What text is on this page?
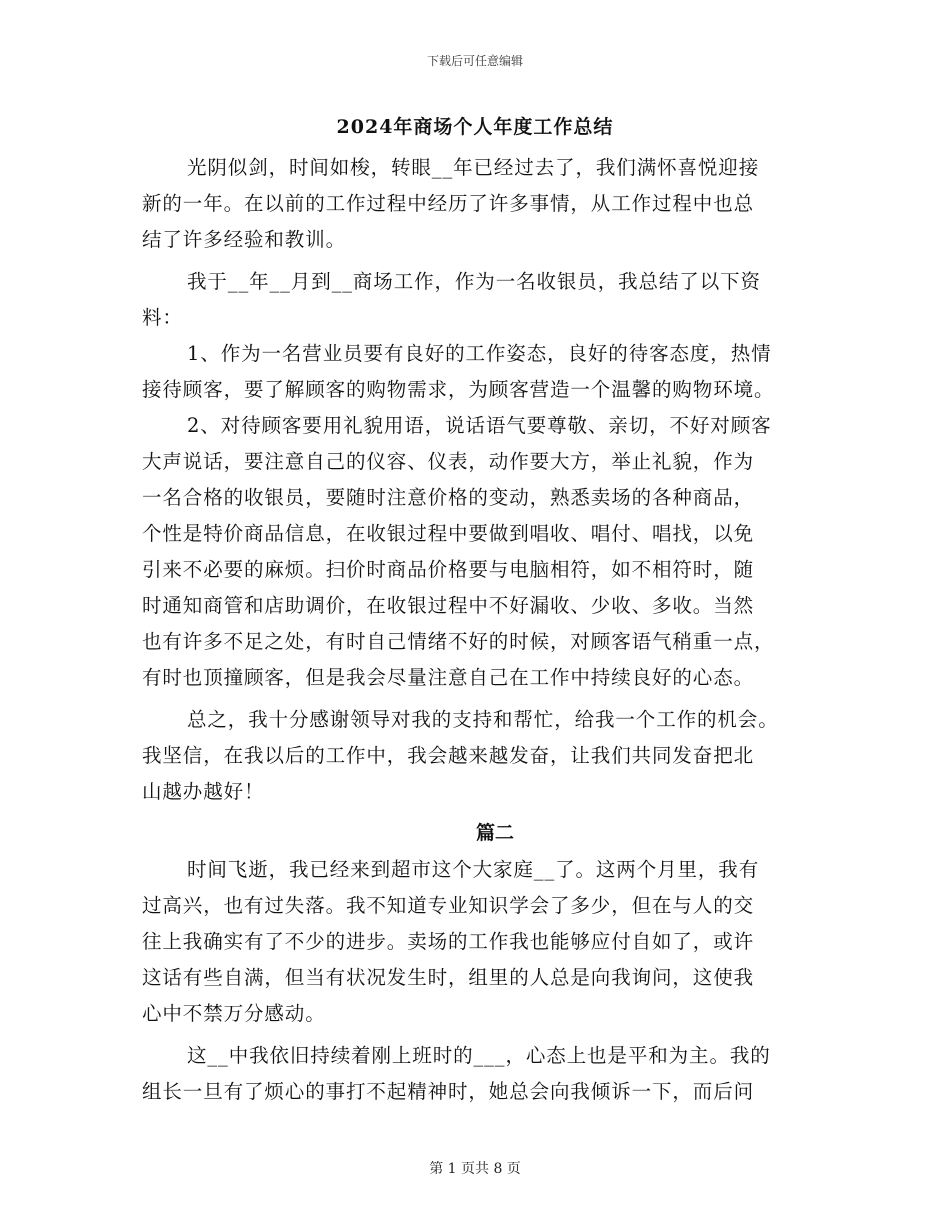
下载后可任意编辑
2024年商场个人年度工作总结
光阴似剑，时间如梭，转眼__年已经过去了，我们满怀喜悦迎接
新的一年。在以前的工作过程中经历了许多事情，从工作过程中也总
结了许多经验和教训。
我于__年__月到__商场工作，作为一名收银员，我总结了以下资
料：
1、作为一名营业员要有良好的工作姿态，良好的待客态度，热情
接待顾客，要了解顾客的购物需求，为顾客营造一个温馨的购物环境。
2、对待顾客要用礼貌用语，说话语气要尊敬、亲切，不好对顾客
大声说话，要注意自己的仪容、仪表，动作要大方，举止礼貌，作为
一名合格的收银员，要随时注意价格的变动，熟悉卖场的各种商品，
个性是特价商品信息，在收银过程中要做到唱收、唱付、唱找，以免
引来不必要的麻烦。扫价时商品价格要与电脑相符，如不相符时，随
时通知商管和店助调价，在收银过程中不好漏收、少收、多收。当然
也有许多不足之处，有时自己情绪不好的时候，对顾客语气稍重一点，
有时也顶撞顾客，但是我会尽量注意自己在工作中持续良好的心态。
总之，我十分感谢领导对我的支持和帮忙，给我一个工作的机会。
我坚信，在我以后的工作中，我会越来越发奋，让我们共同发奋把北
山越办越好！
篇二
时间飞逝，我已经来到超市这个大家庭__了。这两个月里，我有
过高兴，也有过失落。我不知道专业知识学会了多少，但在与人的交
往上我确实有了不少的进步。卖场的工作我也能够应付自如了，或许
这话有些自满，但当有状况发生时，组里的人总是向我询问，这使我
心中不禁万分感动。
这__中我依旧持续着刚上班时的___，心态上也是平和为主。我的
组长一旦有了烦心的事打不起精神时，她总会向我倾诉一下，而后问
第 1 页共 8 页
